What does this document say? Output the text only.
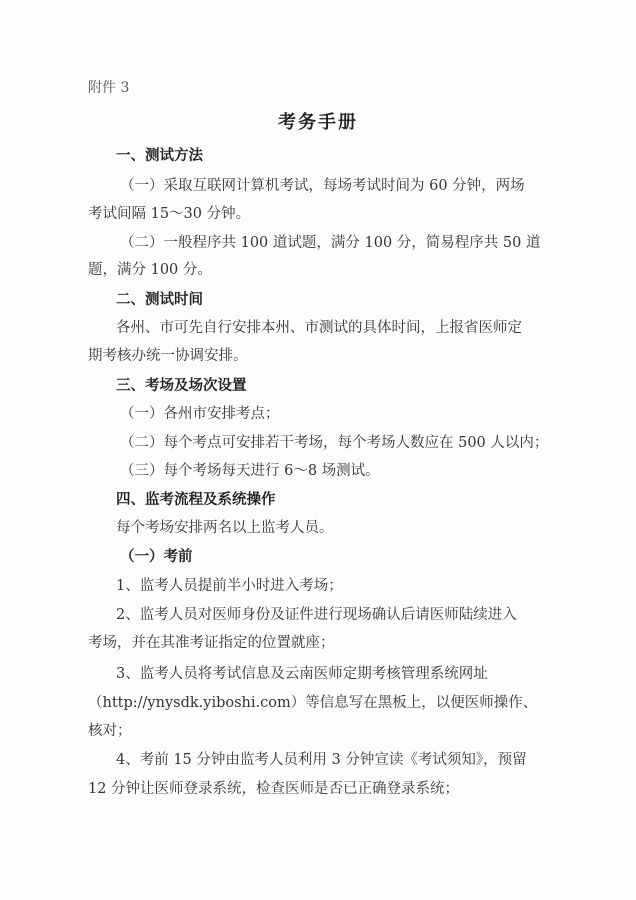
附件 3
考务手册
一、测试方法
（一）采取互联网计算机考试，每场考试时间为 60 分钟，两场
考试间隔 15～30 分钟。
（二）一般程序共 100 道试题，满分 100 分，简易程序共 50 道
题，满分 100 分。
二、测试时间
各州、市可先自行安排本州、市测试的具体时间，上报省医师定
期考核办统一协调安排。
三、考场及场次设置
（一）各州市安排考点；
（二）每个考点可安排若干考场，每个考场人数应在 500 人以内；
（三）每个考场每天进行 6～8 场测试。
四、监考流程及系统操作
每个考场安排两名以上监考人员。
（一）考前
1、监考人员提前半小时进入考场；
2、监考人员对医师身份及证件进行现场确认后请医师陆续进入
考场，并在其准考证指定的位置就座；
3、监考人员将考试信息及云南医师定期考核管理系统网址
（http://ynysdk.yiboshi.com）等信息写在黑板上，以便医师操作、
核对；
4、考前 15 分钟由监考人员利用 3 分钟宣读《考试须知》，预留
12 分钟让医师登录系统，检查医师是否已正确登录系统；
